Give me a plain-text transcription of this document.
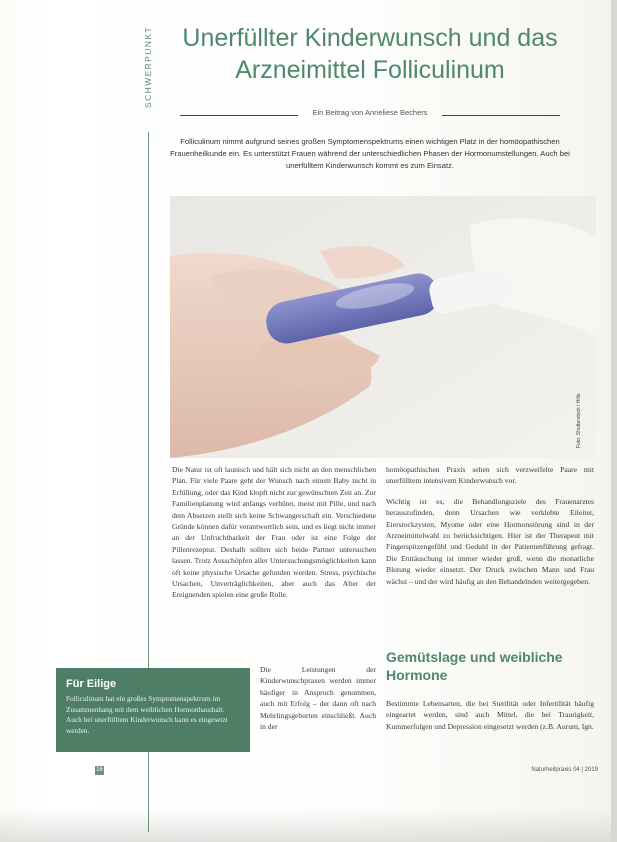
SCHWERPUNKT	Unerfüllter Kinderwunsch und das
Arzneimittel Folliculinum
Ein Beitrag von Anneliese Bechers
Folliculinum nimmt aufgrund seines großen Symptomenspektrums einen wichtigen Platz in der homöopathischen Frauenheilkunde ein. Es unterstützt Frauen während der unterschiedlichen Phasen der Hormonumstellungen. Auch bei unerfülltem Kinderwunsch kommt es zum Einsatz.
Foto: Shutterstock / Hillo

Die Natur ist oft launisch und hält sich nicht an den menschlichen Plan. Für viele Paare geht der Wunsch nach einem Baby nicht in Erfüllung, oder das Kind klopft nicht zur gewünschten Zeit an. Zur Familienplanung wird anfangs verhütet, meist mit Pille, und nach dem Absetzen stellt sich keine Schwangerschaft ein. Verschiedene Gründe können dafür verantwortlich sein, und es liegt nicht immer an der Unfruchtbarkeit der Frau oder ist eine Folge der Pillenrezeptur. Deshalb sollten sich beide Partner untersuchen lassen. Trotz Ausschöpfen aller Untersuchungsmöglichkeiten kann oft keine physische Ursache gefunden werden. Stress, psychische Ursachen, Unverträglichkeiten, aber auch das Alter der Ereignenden spielen eine große Rolle.

Die Leistungen der Kinderwunschpraxen werden immer häufiger in Anspruch genommen, auch mit Erfolg – der dann oft nach Mehrlingsgeburten einschließt. Auch in der

homöopathischen Praxis sehen sich verzweifelte Paare mit unerfülltem intensivem Kinderwunsch vor.

Wichtig ist es, die Behandlungsziele des Frauenarztes herauszufinden, denn Ursachen wie verklebte Eileiter, Eierstockzysten, Myome oder eine Hormonstörung sind in der Arzneimittelwahl zu berücksichtigen. Hier ist der Therapeut mit Fingerspitzengefühl und Geduld in der Patientenführung gefragt. Die Enttäuschung ist immer wieder groß, wenn die monatliche Blutung wieder einsetzt. Der Druck zwischen Mann und Frau wächst – und der wird häufig an den Behandelnden weitergegeben.

Gemütslage und weibliche Hormone

Bestimmte Lebensarten, die bei Sterilität oder Infertilität häufig eingeartet werden, sind auch Mittel, die bei Traurigkeit, Kummerfolgen und Depression eingesetzt werden (z.B. Aurum, Ign.

Für Eilige

Folliculinum hat ein großes Symptomenspektrum im Zusammenhang mit dem weiblichen Hormonhaushalt. Auch bei unerfülltem Kinderwunsch kann es eingesetzt werden.

16	Naturheilpraxis 04 | 2019
